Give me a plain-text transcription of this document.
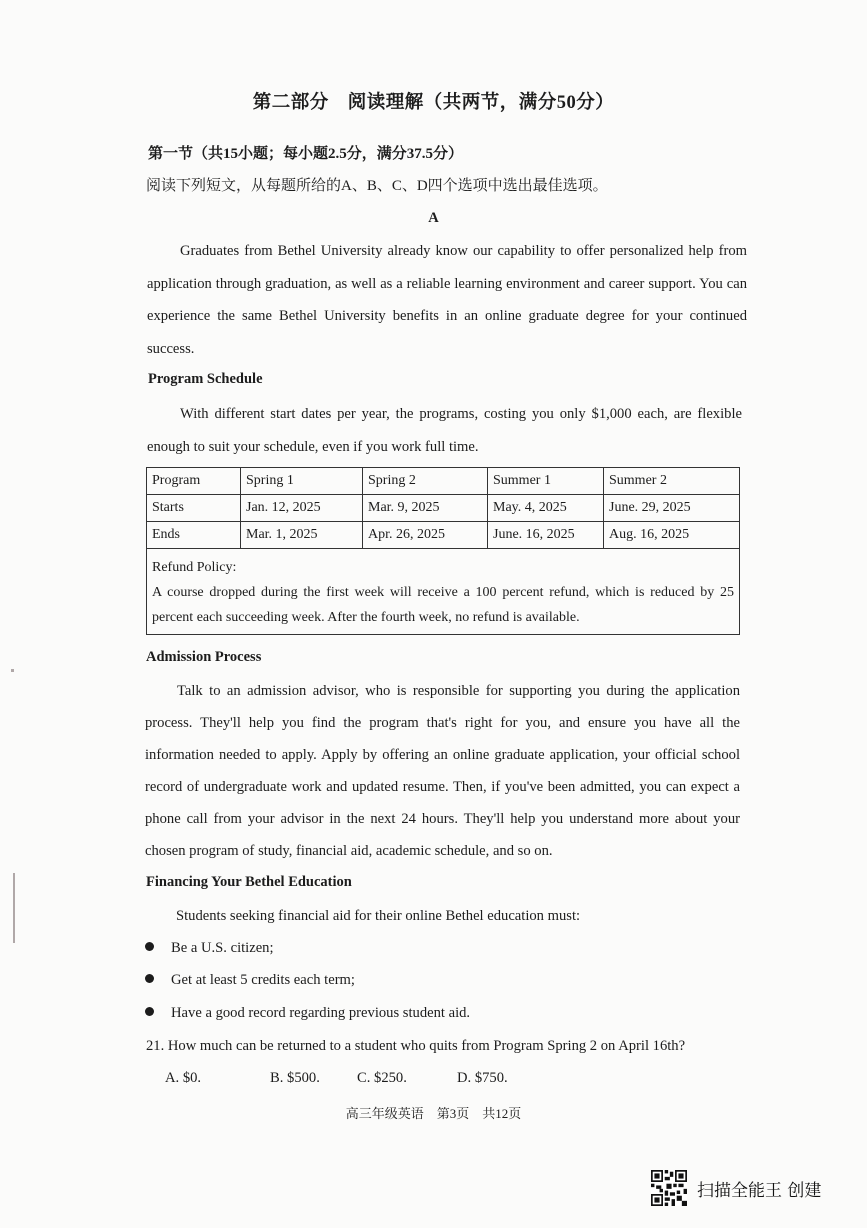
第二部分　阅读理解（共两节，满分50分）
第一节（共15小题；每小题2.5分，满分37.5分）
阅读下列短文，从每题所给的A、B、C、D四个选项中选出最佳选项。
A
Graduates from Bethel University already know our capability to offer personalized help from application through graduation, as well as a reliable learning environment and career support. You can experience the same Bethel University benefits in an online graduate degree for your continued success.
Program Schedule
With different start dates per year, the programs, costing you only $1,000 each, are flexible enough to suit your schedule, even if you work full time.
Program	Spring 1	Spring 2	Summer 1	Summer 2
Starts	Jan. 12, 2025	Mar. 9, 2025	May. 4, 2025	June. 29, 2025
Ends	Mar. 1, 2025	Apr. 26, 2025	June. 16, 2025	Aug. 16, 2025

Refund Policy:
A course dropped during the first week will receive a 100 percent refund, which is reduced by 25 percent each succeeding week. After the fourth week, no refund is available.				
Admission Process
Talk to an admission advisor, who is responsible for supporting you during the application process. They'll help you find the program that's right for you, and ensure you have all the information needed to apply. Apply by offering an online graduate application, your official school record of undergraduate work and updated resume. Then, if you've been admitted, you can expect a phone call from your advisor in the next 24 hours. They'll help you understand more about your chosen program of study, financial aid, academic schedule, and so on.
Financing Your Bethel Education
Students seeking financial aid for their online Bethel education must:
Be a U.S. citizen;
Get at least 5 credits each term;
Have a good record regarding previous student aid.
21. How much can be returned to a student who quits from Program Spring 2 on April 16th?
A. $0.	B. $500.	C. $250.	D. $750.
高三年级英语　第3页　共12页
扫描全能王 创建
